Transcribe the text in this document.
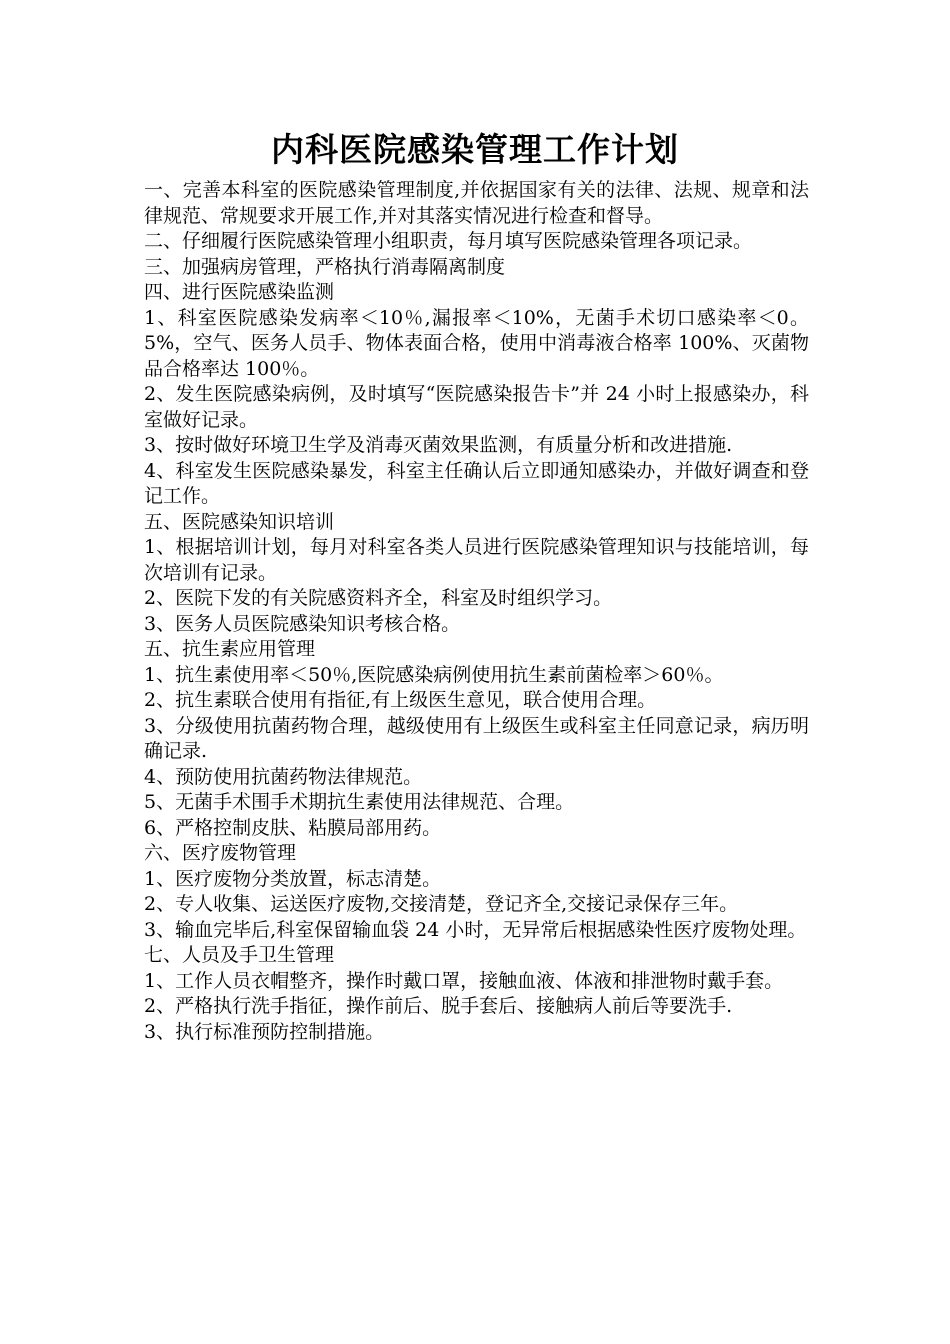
内科医院感染管理工作计划

一、完善本科室的医院感染管理制度,并依据国家有关的法律、法规、规章和法律规范、常规要求开展工作,并对其落实情况进行检查和督导。

二、仔细履行医院感染管理小组职责，每月填写医院感染管理各项记录。

三、加强病房管理，严格执行消毒隔离制度

四、进行医院感染监测

1、科室医院感染发病率＜10％,漏报率＜10%，无菌手术切口感染率＜0。5%，空气、医务人员手、物体表面合格，使用中消毒液合格率 100%、灭菌物品合格率达 100％。

2、发生医院感染病例，及时填写“医院感染报告卡”并 24 小时上报感染办，科室做好记录。

3、按时做好环境卫生学及消毒灭菌效果监测，有质量分析和改进措施.

4、科室发生医院感染暴发，科室主任确认后立即通知感染办，并做好调查和登记工作。

五、医院感染知识培训

1、根据培训计划，每月对科室各类人员进行医院感染管理知识与技能培训，每次培训有记录。

2、医院下发的有关院感资料齐全，科室及时组织学习。

3、医务人员医院感染知识考核合格。

五、抗生素应用管理

1、抗生素使用率＜50％,医院感染病例使用抗生素前菌检率＞60％。

2、抗生素联合使用有指征,有上级医生意见，联合使用合理。

3、分级使用抗菌药物合理，越级使用有上级医生或科室主任同意记录，病历明确记录.

4、预防使用抗菌药物法律规范。

5、无菌手术围手术期抗生素使用法律规范、合理。

6、严格控制皮肤、粘膜局部用药。

六、医疗废物管理

1、医疗废物分类放置，标志清楚。

2、专人收集、运送医疗废物,交接清楚，登记齐全,交接记录保存三年。

3、输血完毕后,科室保留输血袋 24 小时，无异常后根据感染性医疗废物处理。

七、人员及手卫生管理

1、工作人员衣帽整齐，操作时戴口罩，接触血液、体液和排泄物时戴手套。

2、严格执行洗手指征，操作前后、脱手套后、接触病人前后等要洗手.

3、执行标准预防控制措施。
